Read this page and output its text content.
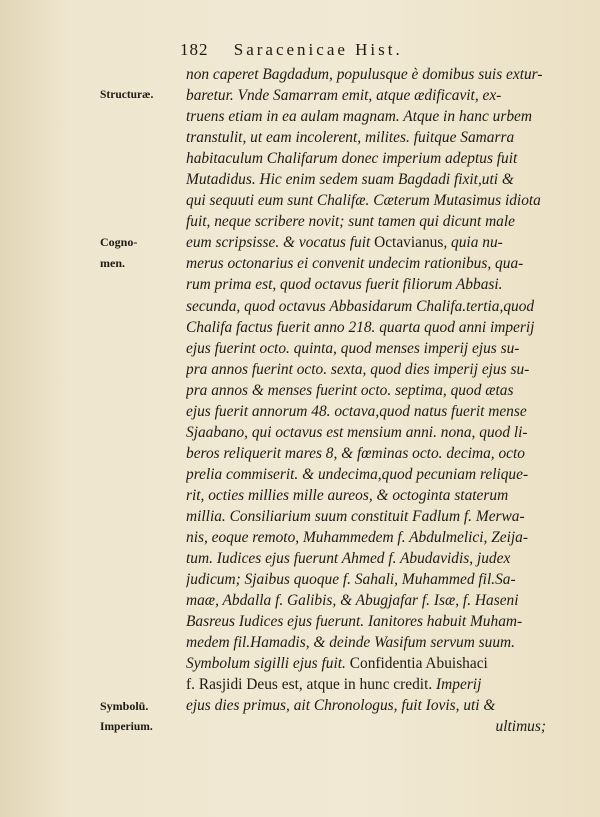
182 Saracenicae Hist.
Structuræ.
Cogno-
men.
Symbolū.
Imperium.
non caperet Bagdadum, populusque è domibus suis extur-
baretur. Vnde Samarram emit, atque ædificavit, ex-
truens etiam in ea aulam magnam. Atque in hanc urbem
transtulit, ut eam incolerent, milites. fuitque Samarra
habitaculum Chalifarum donec imperium adeptus fuit
Mutadidus. Hic enim sedem suam Bagdadi fixit,uti &
qui sequuti eum sunt Chalifæ. Cæterum Mutasimus idiota
fuit, neque scribere novit; sunt tamen qui dicunt male
eum scripsisse. & vocatus fuit Octavianus, quia nu-
merus octonarius ei convenit undecim rationibus, qua-
rum prima est, quod octavus fuerit filiorum Abbasi.
secunda, quod octavus Abbasidarum Chalifa.tertia,quod
Chalifa factus fuerit anno 218. quarta quod anni imperij
ejus fuerint octo. quinta, quod menses imperij ejus su-
pra annos fuerint octo. sexta, quod dies imperij ejus su-
pra annos & menses fuerint octo. septima, quod ætas
ejus fuerit annorum 48. octava,quod natus fuerit mense
Sjaabano, qui octavus est mensium anni. nona, quod li-
beros reliquerit mares 8, & fœminas octo. decima, octo
prelia commiserit. & undecima,quod pecuniam relique-
rit, octies millies mille aureos, & octoginta staterum
millia. Consiliarium suum constituit Fadlum f. Merwa-
nis, eoque remoto, Muhammedem f. Abdulmelici, Zeija-
tum. Iudices ejus fuerunt Ahmed f. Abudavidis, judex
judicum; Sjaibus quoque f. Sahali, Muhammed fil.Sa-
maæ, Abdalla f. Galibis, & Abugjafar f. Isæ, f. Haseni
Basreus Iudices ejus fuerunt. Ianitores habuit Muham-
medem fil.Hamadis, & deinde Wasifum servum suum.
Symbolum sigilli ejus fuit. Confidentia Abuishaci
f. Rasjidi Deus est, atque in hunc credit. Imperij
ejus dies primus, ait Chronologus, fuit Iovis, uti &
ultimus;
